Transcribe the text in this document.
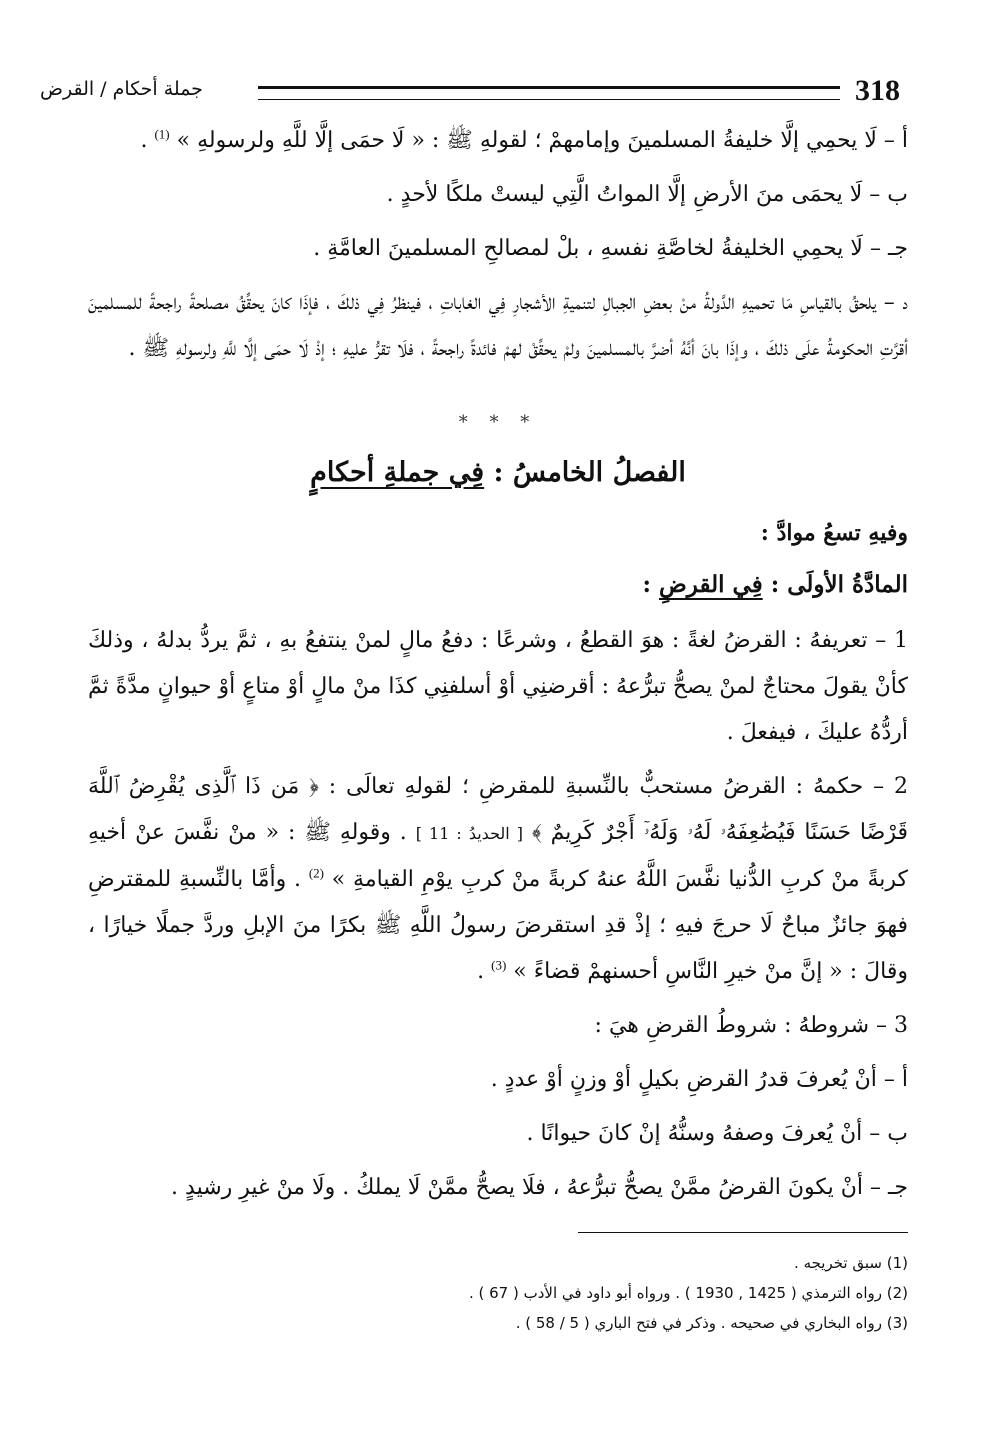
318
جملة أحكام / القرض

أ – لَا يحمِي إلَّا خليفةُ المسلمينَ وإمامهمْ ؛ لقولهِ ﷺ : « لَا حمَى إلَّا للَّهِ ولرسولهِ » $^{(1)}$ .

ب – لَا يحمَى منَ الأرضِ إلَّا المواتُ الَّتِي ليستْ ملكًا لأحدٍ .

جـ – لَا يحمِي الخليفةُ لخاصَّةِ نفسهِ ، بلْ لمصالحِ المسلمينَ العامَّةِ .

د – يلحقُ بالقياسِ مَا تحميهِ الدَّولةُ منْ بعضِ الجبالِ لتنميةِ الأشجارِ فِي الغاباتِ ، فينظرُ فِي ذلكَ ، فإذَا كانَ يحقِّقُ مصلحةً راجحةً للمسلمينَ أقرَّتِ الحكومةُ علَى ذلكَ ، وإذَا بانَ أنَّهُ أضرَّ بالمسلمينَ ولمْ يحقِّقْ لهمْ فائدةً راجحةً ، فلَا تقرُّ عليهِ ؛ إذْ لَا حمَى إلَّا للَّهِ ولرسولهِ ﷺ .

* * *
الفصلُ الخامسُ : فِي جملةِ أحكامٍ

وفيهِ تسعُ موادَّ :

المادَّةُ الأولَى : فِي القرضِ :

1 – تعريفهُ : القرضُ لغةً : هوَ القطعُ ، وشرعًا : دفعُ مالٍ لمنْ ينتفعُ بهِ ، ثمَّ يردُّ بدلهُ ، وذلكَ كأنْ يقولَ محتاجٌ لمنْ يصحُّ تبرُّعهُ : أقرضنِي أوْ أسلفنِي كذَا منْ مالٍ أوْ متاعٍ أوْ حيوانٍ مدَّةً ثمَّ أردُّهُ عليكَ ، فيفعلَ .

2 – حكمهُ : القرضُ مستحبٌّ بالنِّسبةِ للمقرضِ ؛ لقولهِ تعالَى : ﴿ مَن ذَا ٱلَّذِى يُقْرِضُ ٱللَّهَ قَرْضًا حَسَنًا فَيُضَٰعِفَهُۥ لَهُۥ وَلَهُۥٓ أَجْرٌ كَرِيمٌ ﴾ [ الحديدُ : 11 ] . وقولهِ ﷺ : « منْ نفَّسَ عنْ أخيهِ كربةً منْ كربِ الدُّنيا نفَّسَ اللَّهُ عنهُ كربةً منْ كربِ يوْمِ القيامةِ » $^{(2)}$ . وأمَّا بالنِّسبةِ للمقترضِ فهوَ جائزٌ مباحٌ لَا حرجَ فيهِ ؛ إذْ قدِ استقرضَ رسولُ اللَّهِ ﷺ بكرًا منَ الإبلِ وردَّ جملًا خيارًا ، وقالَ : « إنَّ منْ خيرِ النَّاسِ أحسنهمْ قضاءً » $^{(3)}$ .

3 – شروطهُ : شروطُ القرضِ هيَ :

أ – أنْ يُعرفَ قدرُ القرضِ بكيلٍ أوْ وزنٍ أوْ عددٍ .

ب – أنْ يُعرفَ وصفهُ وسنُّهُ إنْ كانَ حيوانًا .

جـ – أنْ يكونَ القرضُ ممَّنْ يصحُّ تبرُّعهُ ، فلَا يصحُّ ممَّنْ لَا يملكُ . ولَا منْ غيرِ رشيدٍ .

(1) سبق تخريجه .

(2) رواه الترمذي ( 1425 , 1930 ) . ورواه أبو داود في الأدب ( 67 ) .

(3) رواه البخاري في صحيحه . وذكر في فتح الباري ( 5 / 58 ) .
